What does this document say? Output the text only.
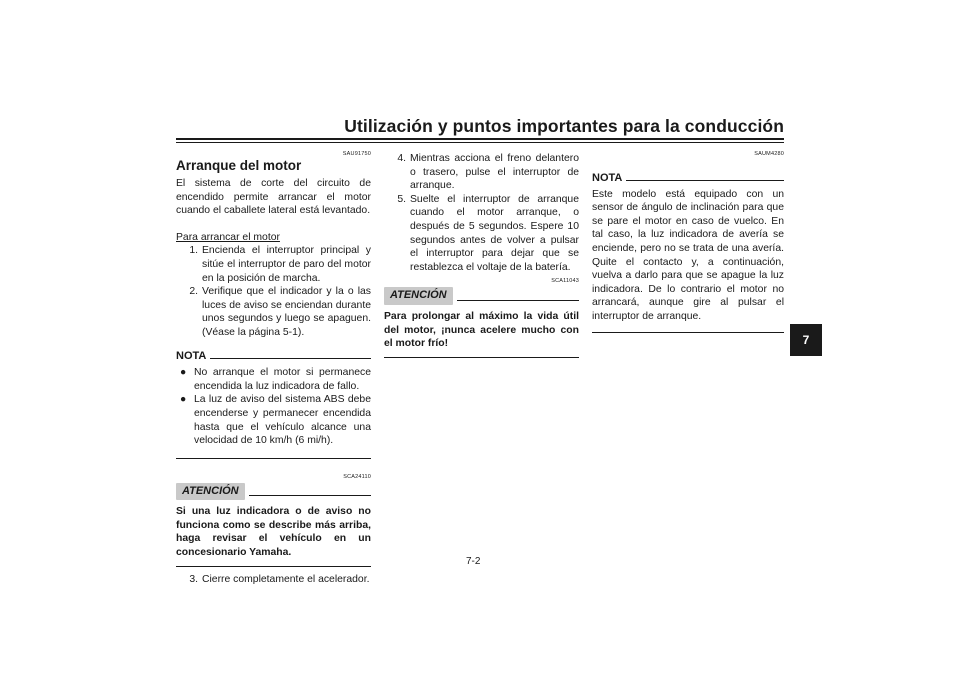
Utilización y puntos importantes para la conducción
SAU91750
Arranque del motor

El sistema de corte del circuito de encendido permite arrancar el motor cuando el caballete lateral está levantado.

Para arrancar el motor

1. Encienda el interruptor principal y sitúe el interruptor de paro del motor en la posición de marcha.
2. Verifique que el indicador y la o las luces de aviso se enciendan durante unos segundos y luego se apaguen. (Véase la página 5-1).
NOTA
● No arranque el motor si permanece encendida la luz indicadora de fallo.
● La luz de aviso del sistema ABS debe encenderse y permanecer encendida hasta que el vehículo alcance una velocidad de 10 km/h (6 mi/h).
SCA24110
ATENCIÓN

Si una luz indicadora o de aviso no funciona como se describe más arriba, haga revisar el vehículo en un concesionario Yamaha.

3. Cierre completamente el acelerador.
4. Mientras acciona el freno delantero o trasero, pulse el interruptor de arranque.
5. Suelte el interruptor de arranque cuando el motor arranque, o después de 5 segundos. Espere 10 segundos antes de volver a pulsar el interruptor para dejar que se restablezca el voltaje de la batería.
SCA11043
ATENCIÓN

Para prolongar al máximo la vida útil del motor, ¡nunca acelere mucho con el motor frío!

SAUM4280
NOTA

Este modelo está equipado con un sensor de ángulo de inclinación para que se pare el motor en caso de vuelco. En tal caso, la luz indicadora de avería se enciende, pero no se trata de una avería. Quite el contacto y, a continuación, vuelva a darlo para que se apague la luz indicadora. De lo contrario el motor no arrancará, aunque gire al pulsar el interruptor de arranque.

7-2
7
